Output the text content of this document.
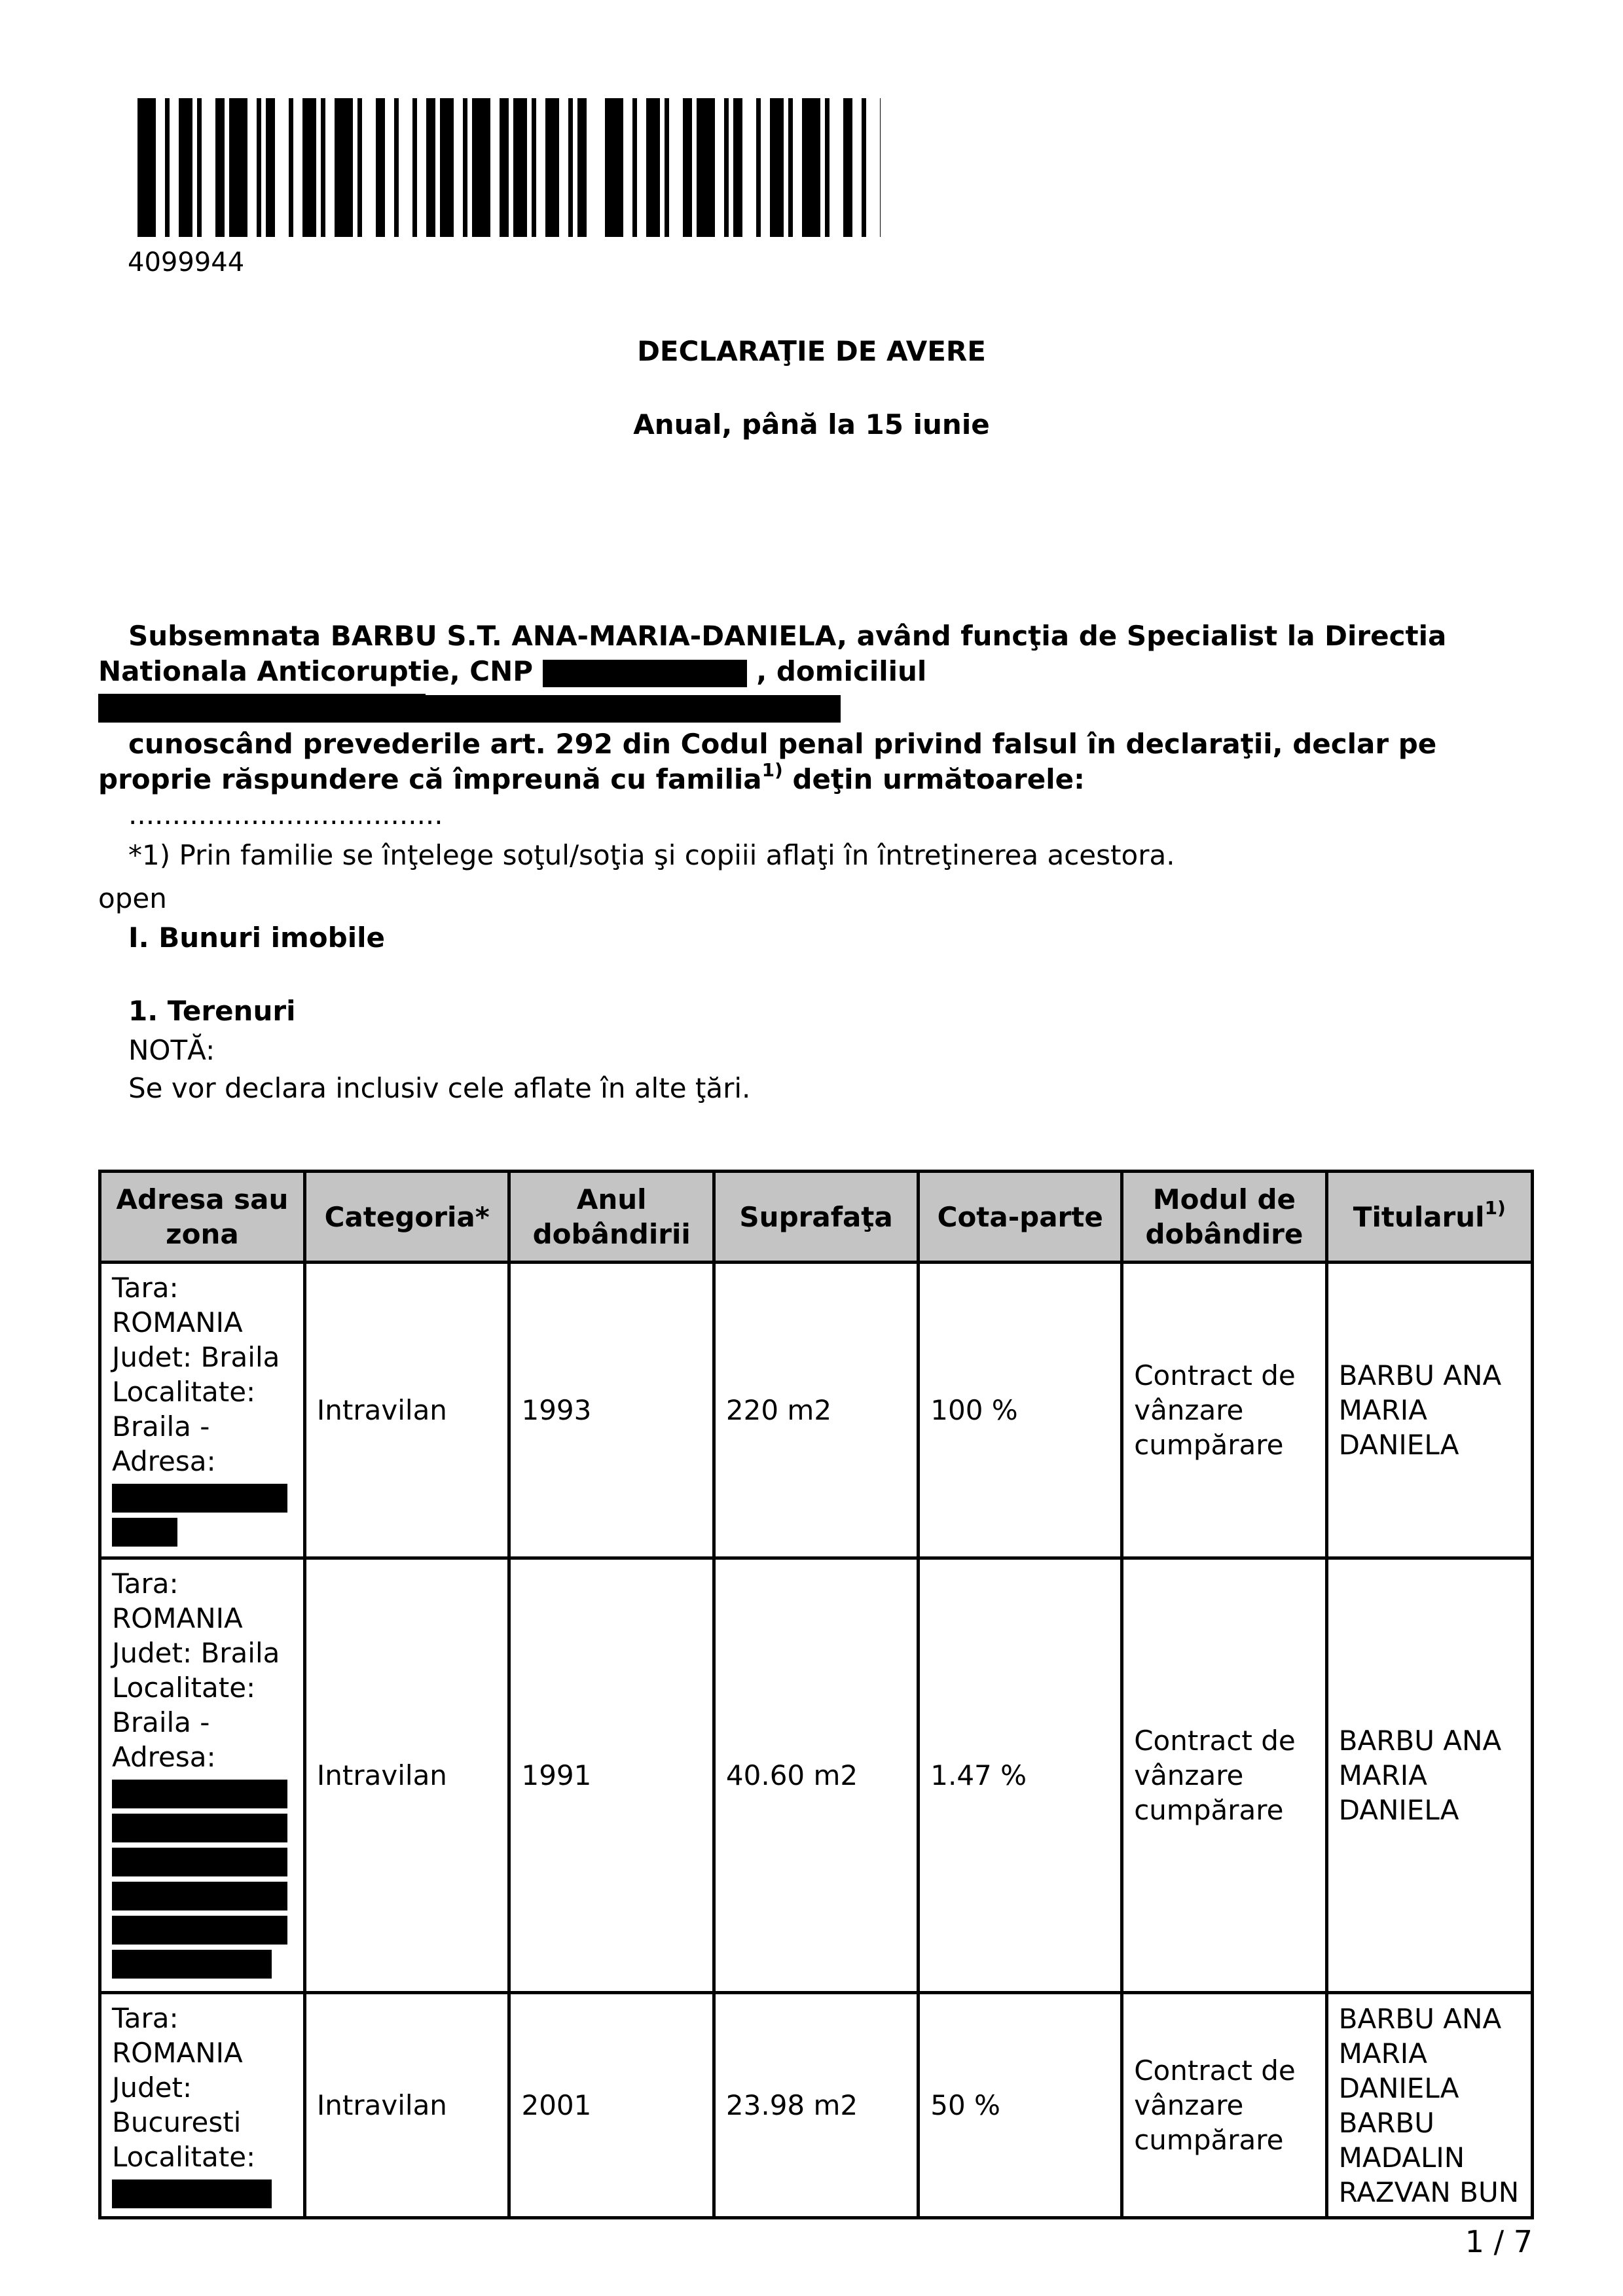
4099944
DECLARAŢIE DE AVERE
Anual, până la 15 iunie
Subsemnata BARBU S.T. ANA-MARIA-DANIELA, având funcţia de Specialist la Directia Nationala Anticoruptie, CNP	, domiciliul
cunoscând prevederile art. 292 din Codul penal privind falsul în declaraţii, declar pe proprie răspundere că împreună cu familia$^{1)}$ deţin următoarele:
....................................
*1) Prin familie se înţelege soţul/soţia şi copiii aflaţi în întreţinerea acestora.
open
I. Bunuri imobile
1. Terenuri
NOTĂ:
Se vor declara inclusiv cele aflate în alte ţări.
Adresa sau zona	Categoria*	Anul dobândirii	Suprafaţa	Cota-parte	Modul de dobândire	Titularul$^{1)}$
Tara: ROMANIA Judet: Braila Localitate: Braila - Adresa:	Intravilan	1993	220 m2	100 %	Contract de vânzare cumpărare	BARBU ANA MARIA DANIELA
Tara: ROMANIA Judet: Braila Localitate: Braila - Adresa:	Intravilan	1991	40.60 m2	1.47 %	Contract de vânzare cumpărare	BARBU ANA MARIA DANIELA
Tara: ROMANIA Judet: Bucuresti Localitate:	Intravilan	2001	23.98 m2	50 %	Contract de vânzare cumpărare	BARBU ANA MARIA DANIELA BARBU MADALIN RAZVAN BUN
1 / 7
